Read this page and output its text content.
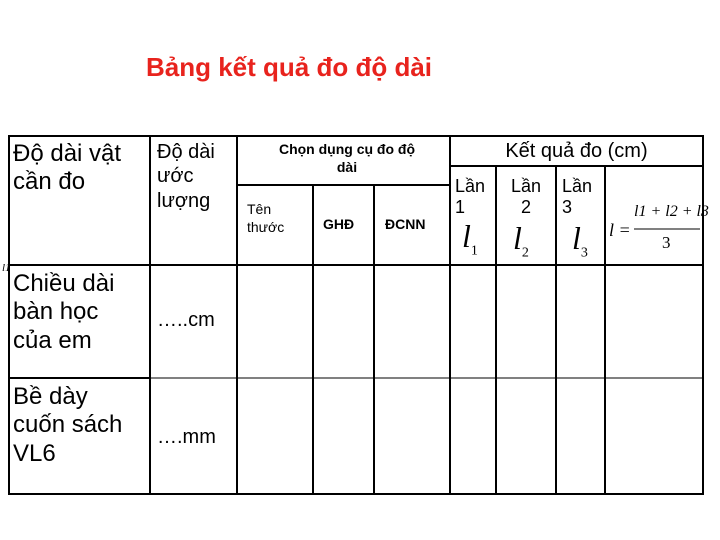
Bảng kết quả đo độ dài
l1
Độ dài vật
cần đo
Độ dài
ước
lượng
Chọn dụng cụ đo độ
dài
Tên
thước	GHĐ ĐCNN
Kết quả đo (cm)
Lần
1
Lần
2
Lần
3
$l_1$ $l_2$ $l_3$
l =
l1 + l2 + l3
3
Chiều dài
bàn học
của em
…..cm
Bề dày
cuốn sách
VL6
….mm
